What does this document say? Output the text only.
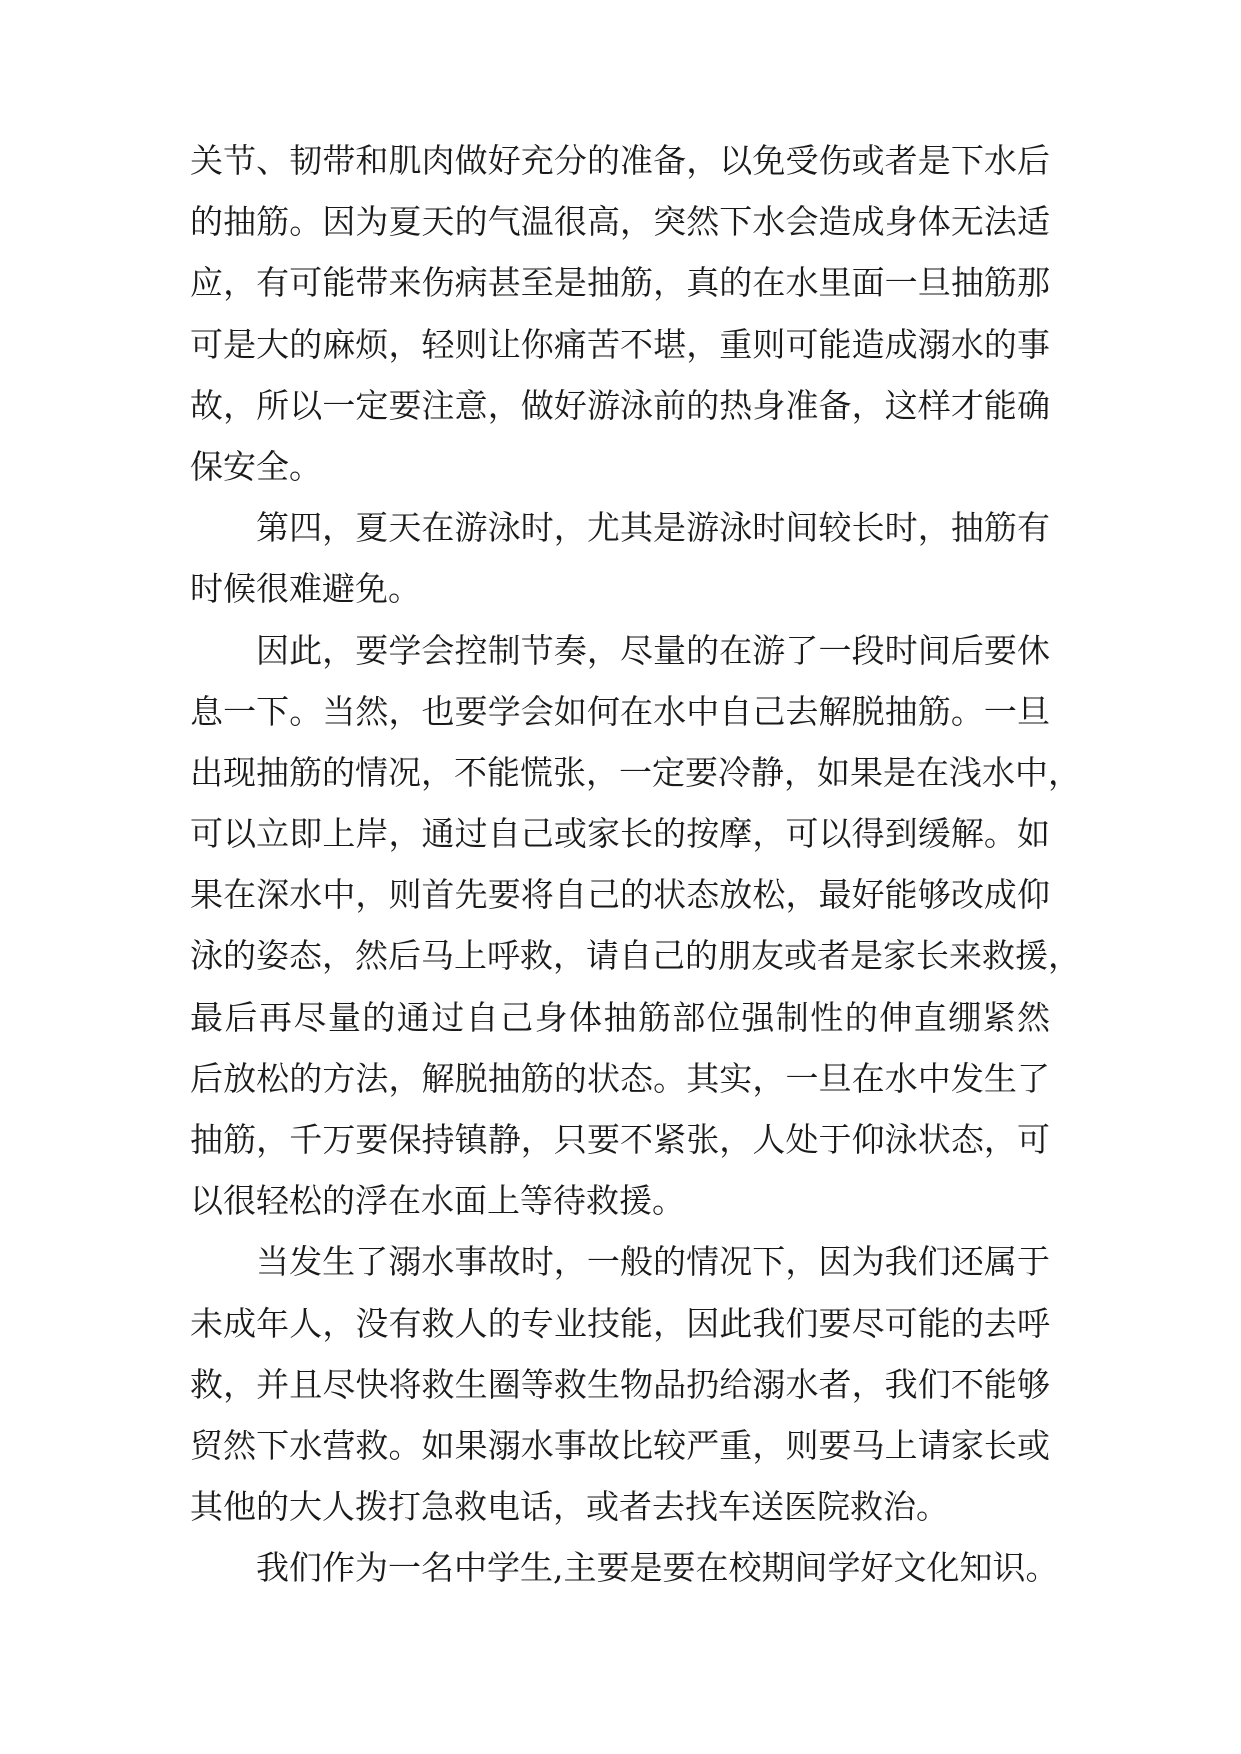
关节、韧带和肌肉做好充分的准备，以免受伤或者是下水后
的抽筋。因为夏天的气温很高，突然下水会造成身体无法适
应，有可能带来伤病甚至是抽筋，真的在水里面一旦抽筋那
可是大的麻烦，轻则让你痛苦不堪，重则可能造成溺水的事
故，所以一定要注意，做好游泳前的热身准备，这样才能确
保安全。
第四，夏天在游泳时，尤其是游泳时间较长时，抽筋有
时候很难避免。
因此，要学会控制节奏，尽量的在游了一段时间后要休
息一下。当然，也要学会如何在水中自己去解脱抽筋。一旦
出现抽筋的情况，不能慌张，一定要冷静，如果是在浅水中，
可以立即上岸，通过自己或家长的按摩，可以得到缓解。如
果在深水中，则首先要将自己的状态放松，最好能够改成仰
泳的姿态，然后马上呼救，请自己的朋友或者是家长来救援，
最后再尽量的通过自己身体抽筋部位强制性的伸直绷紧然
后放松的方法，解脱抽筋的状态。其实，一旦在水中发生了
抽筋，千万要保持镇静，只要不紧张，人处于仰泳状态，可
以很轻松的浮在水面上等待救援。
当发生了溺水事故时，一般的情况下，因为我们还属于
未成年人，没有救人的专业技能，因此我们要尽可能的去呼
救，并且尽快将救生圈等救生物品扔给溺水者，我们不能够
贸然下水营救。如果溺水事故比较严重，则要马上请家长或
其他的大人拨打急救电话，或者去找车送医院救治。
我们作为一名中学生,主要是要在校期间学好文化知识。
